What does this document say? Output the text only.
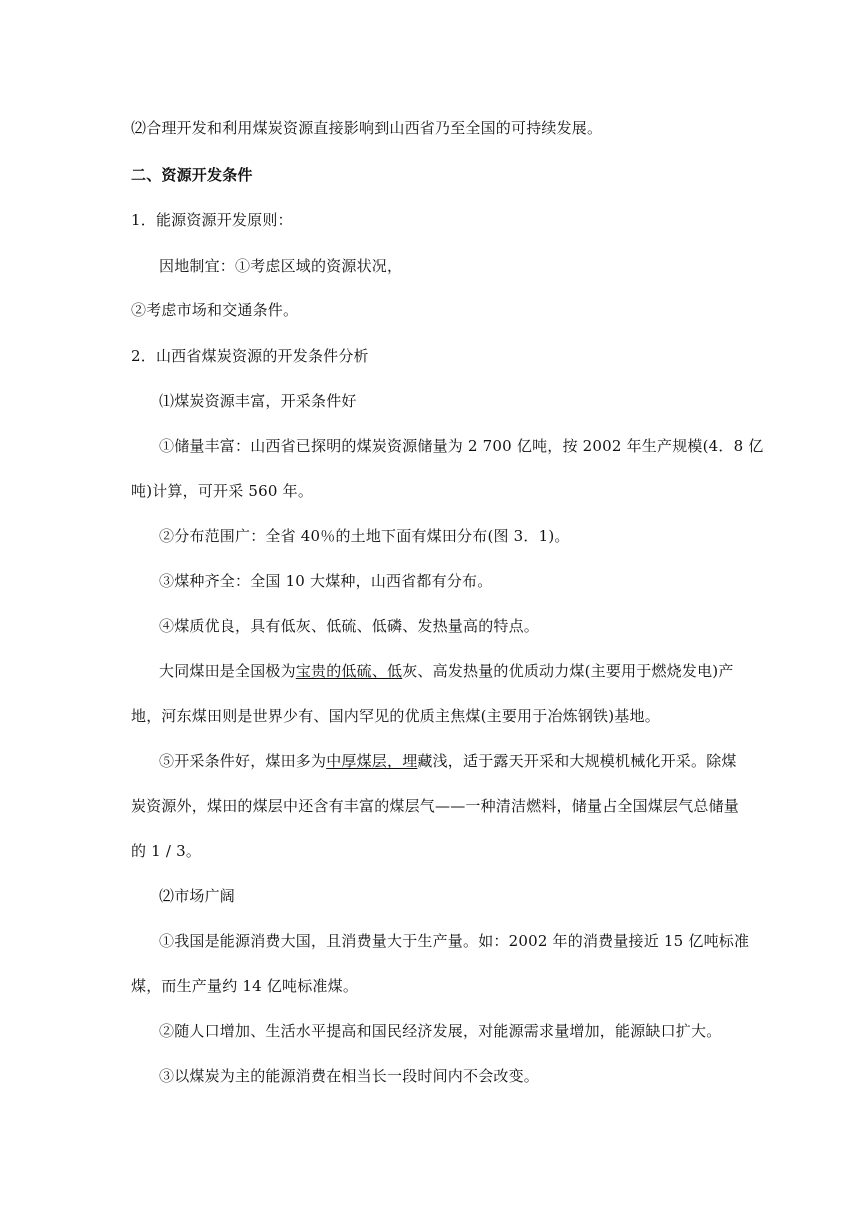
⑵合理开发和利用煤炭资源直接影响到山西省乃至全国的可持续发展。
二、资源开发条件
1．能源资源开发原则：
因地制宜：①考虑区域的资源状况，
②考虑市场和交通条件。
2．山西省煤炭资源的开发条件分析
⑴煤炭资源丰富，开采条件好
①储量丰富：山西省已探明的煤炭资源储量为 2 700 亿吨，按 2002 年生产规模(4．8 亿
吨)计算，可开采 560 年。
②分布范围广：全省 40％的土地下面有煤田分布(图 3．1)。
③煤种齐全：全国 10 大煤种，山西省都有分布。
④煤质优良，具有低灰、低硫、低磷、发热量高的特点。
大同煤田是全国极为宝贵的低硫、低灰、高发热量的优质动力煤(主要用于燃烧发电)产
地，河东煤田则是世界少有、国内罕见的优质主焦煤(主要用于冶炼钢铁)基地。
⑤开采条件好，煤田多为中厚煤层，埋藏浅，适于露天开采和大规模机械化开采。除煤
炭资源外，煤田的煤层中还含有丰富的煤层气——一种清洁燃料，储量占全国煤层气总储量
的 1 / 3。
⑵市场广阔
①我国是能源消费大国，且消费量大于生产量。如：2002 年的消费量接近 15 亿吨标准
煤，而生产量约 14 亿吨标准煤。
②随人口增加、生活水平提高和国民经济发展，对能源需求量增加，能源缺口扩大。
③以煤炭为主的能源消费在相当长一段时间内不会改变。
